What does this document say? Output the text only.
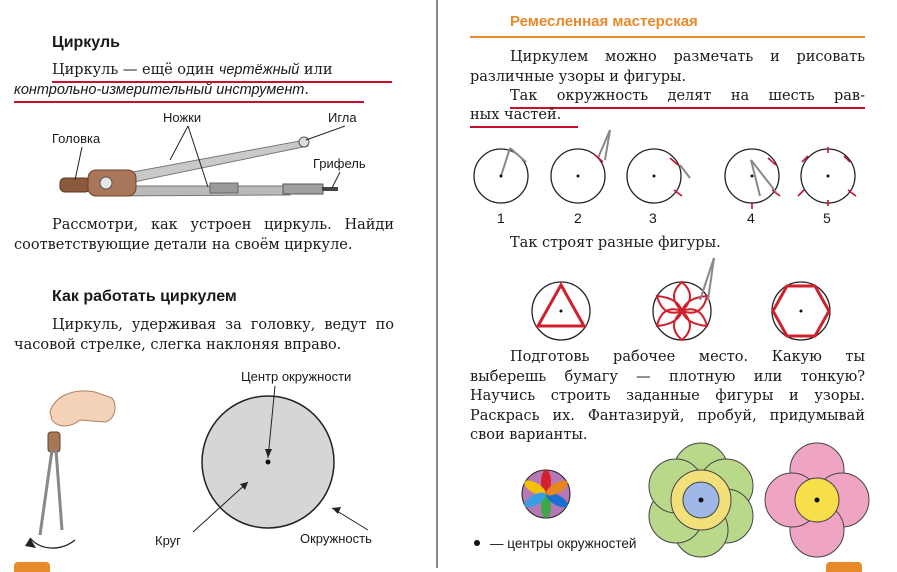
Циркуль
Циркуль — ещё один чертёжный или
контрольно-измерительный инструмент.
Головка
Ножки	Игла
Грифель
Рассмотри, как устроен циркуль. Найди соответствующие детали на своём циркуле.
Как работать циркулем
Циркуль, удерживая за головку, ведут по часовой стрелке, слегка наклоняя вправо.
Центр окружности
Круг	Окружность
Ремесленная мастерская
Циркулем можно размечать и рисовать различные узоры и фигуры.
Так окружность делят на шесть рав-
ных частей.
1	2	3	4	5
Так строят разные фигуры.
Подготовь рабочее место. Какую ты выберешь бумагу — плотную или тонкую? Научись строить заданные фигуры и узоры. Раскрась их. Фантазируй, пробуй, придумывай свои варианты.
— центры окружностей
